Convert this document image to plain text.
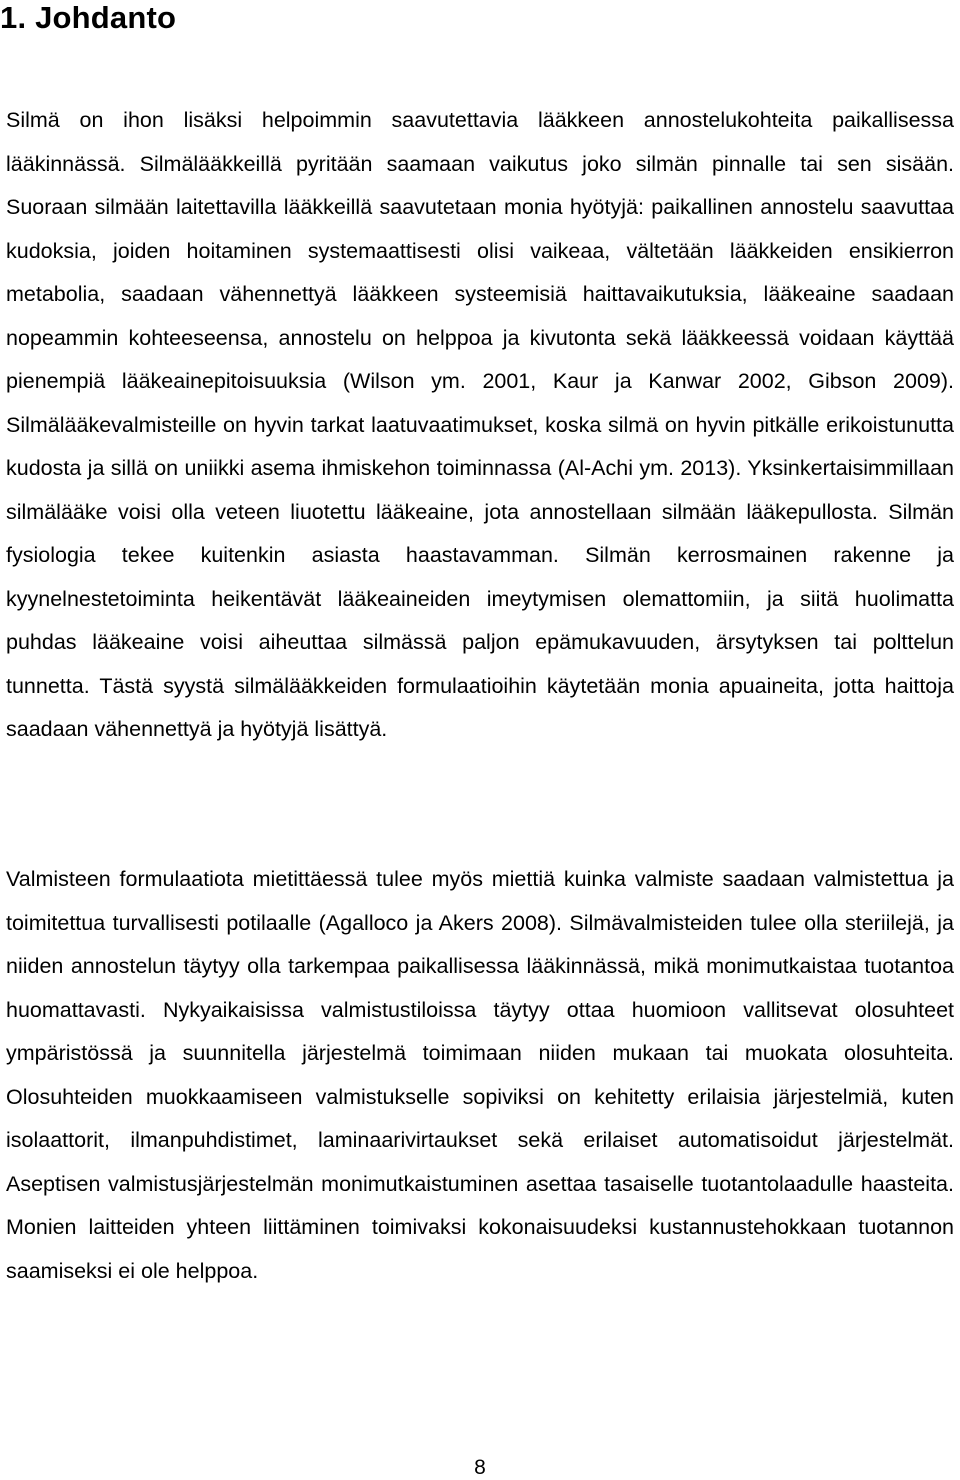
1. Johdanto

Silmä on ihon lisäksi helpoimmin saavutettavia lääkkeen annostelukohteita paikallisessa lääkinnässä. Silmälääkkeillä pyritään saamaan vaikutus joko silmän pinnalle tai sen sisään. Suoraan silmään laitettavilla lääkkeillä saavutetaan monia hyötyjä: paikallinen annostelu saavuttaa kudoksia, joiden hoitaminen systemaattisesti olisi vaikeaa, vältetään lääkkeiden ensikierron metabolia, saadaan vähennettyä lääkkeen systeemisiä haittavaikutuksia, lääkeaine saadaan nopeammin kohteeseensa, annostelu on helppoa ja kivutonta sekä lääkkeessä voidaan käyttää pienempiä lääkeainepitoisuuksia (Wilson ym. 2001, Kaur ja Kanwar 2002, Gibson 2009). Silmälääkevalmisteille on hyvin tarkat laatuvaatimukset, koska silmä on hyvin pitkälle erikoistunutta kudosta ja sillä on uniikki asema ihmiskehon toiminnassa (Al-Achi ym. 2013). Yksinkertaisimmillaan silmälääke voisi olla veteen liuotettu lääkeaine, jota annostellaan silmään lääkepullosta. Silmän fysiologia tekee kuitenkin asiasta haastavamman. Silmän kerrosmainen rakenne ja kyynelnestetoiminta heikentävät lääkeaineiden imeytymisen olemattomiin, ja siitä huolimatta puhdas lääkeaine voisi aiheuttaa silmässä paljon epämukavuuden, ärsytyksen tai polttelun tunnetta. Tästä syystä silmälääkkeiden formulaatioihin käytetään monia apuaineita, jotta haittoja saadaan vähennettyä ja hyötyjä lisättyä.

Valmisteen formulaatiota mietittäessä tulee myös miettiä kuinka valmiste saadaan valmistettua ja toimitettua turvallisesti potilaalle (Agalloco ja Akers 2008). Silmävalmisteiden tulee olla steriilejä, ja niiden annostelun täytyy olla tarkempaa paikallisessa lääkinnässä, mikä monimutkaistaa tuotantoa huomattavasti. Nykyaikaisissa valmistustiloissa täytyy ottaa huomioon vallitsevat olosuhteet ympäristössä ja suunnitella järjestelmä toimimaan niiden mukaan tai muokata olosuhteita. Olosuhteiden muokkaamiseen valmistukselle sopiviksi on kehitetty erilaisia järjestelmiä, kuten isolaattorit, ilmanpuhdistimet, laminaarivirtaukset sekä erilaiset automatisoidut järjestelmät. Aseptisen valmistusjärjestelmän monimutkaistuminen asettaa tasaiselle tuotantolaadulle haasteita. Monien laitteiden yhteen liittäminen toimivaksi kokonaisuudeksi kustannustehokkaan tuotannon saamiseksi ei ole helppoa.

8
